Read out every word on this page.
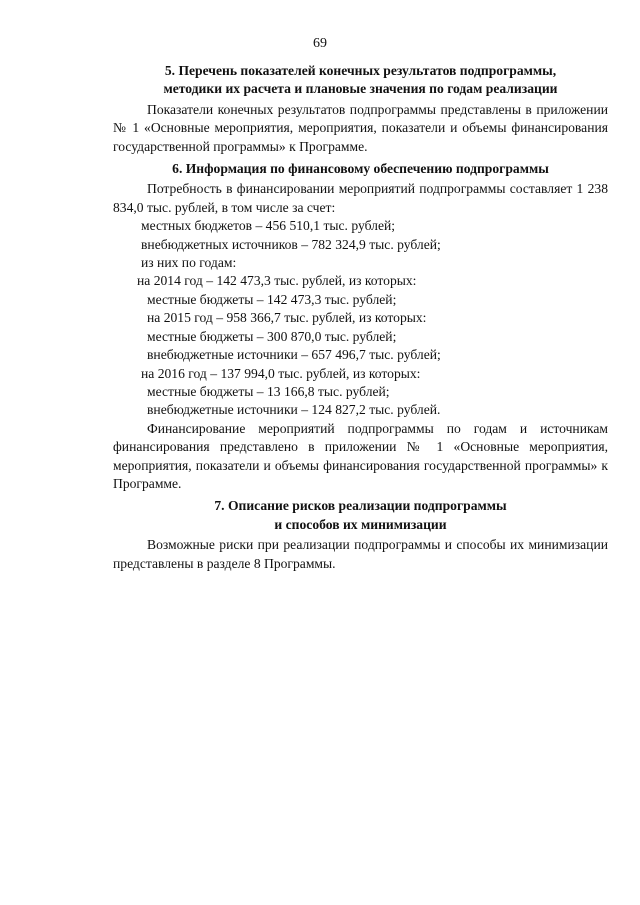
69
5. Перечень показателей конечных результатов подпрограммы,
методики их расчета и плановые значения по годам реализации

Показатели конечных результатов подпрограммы представлены в приложении № 1 «Основные мероприятия, мероприятия, показатели и объемы финансирования государственной программы» к Программе.

6. Информация по финансовому обеспечению подпрограммы

Потребность в финансировании мероприятий подпрограммы составляет 1 238 834,0 тыс. рублей, в том числе за счет:

местных бюджетов – 456 510,1 тыс. рублей;

внебюджетных источников – 782 324,9 тыс. рублей;

из них по годам:

на 2014 год – 142 473,3 тыс. рублей, из которых:

местные бюджеты – 142 473,3 тыс. рублей;

на 2015 год – 958 366,7 тыс. рублей, из которых:

местные бюджеты – 300 870,0 тыс. рублей;

внебюджетные источники – 657 496,7 тыс. рублей;

на 2016 год – 137 994,0 тыс. рублей, из которых:

местные бюджеты – 13 166,8 тыс. рублей;

внебюджетные источники – 124 827,2 тыс. рублей.

Финансирование мероприятий подпрограммы по годам и источникам финансирования представлено в приложении № 1 «Основные мероприятия, мероприятия, показатели и объемы финансирования государственной программы» к Программе.

7. Описание рисков реализации подпрограммы
и способов их минимизации

Возможные риски при реализации подпрограммы и способы их минимизации представлены в разделе 8 Программы.
